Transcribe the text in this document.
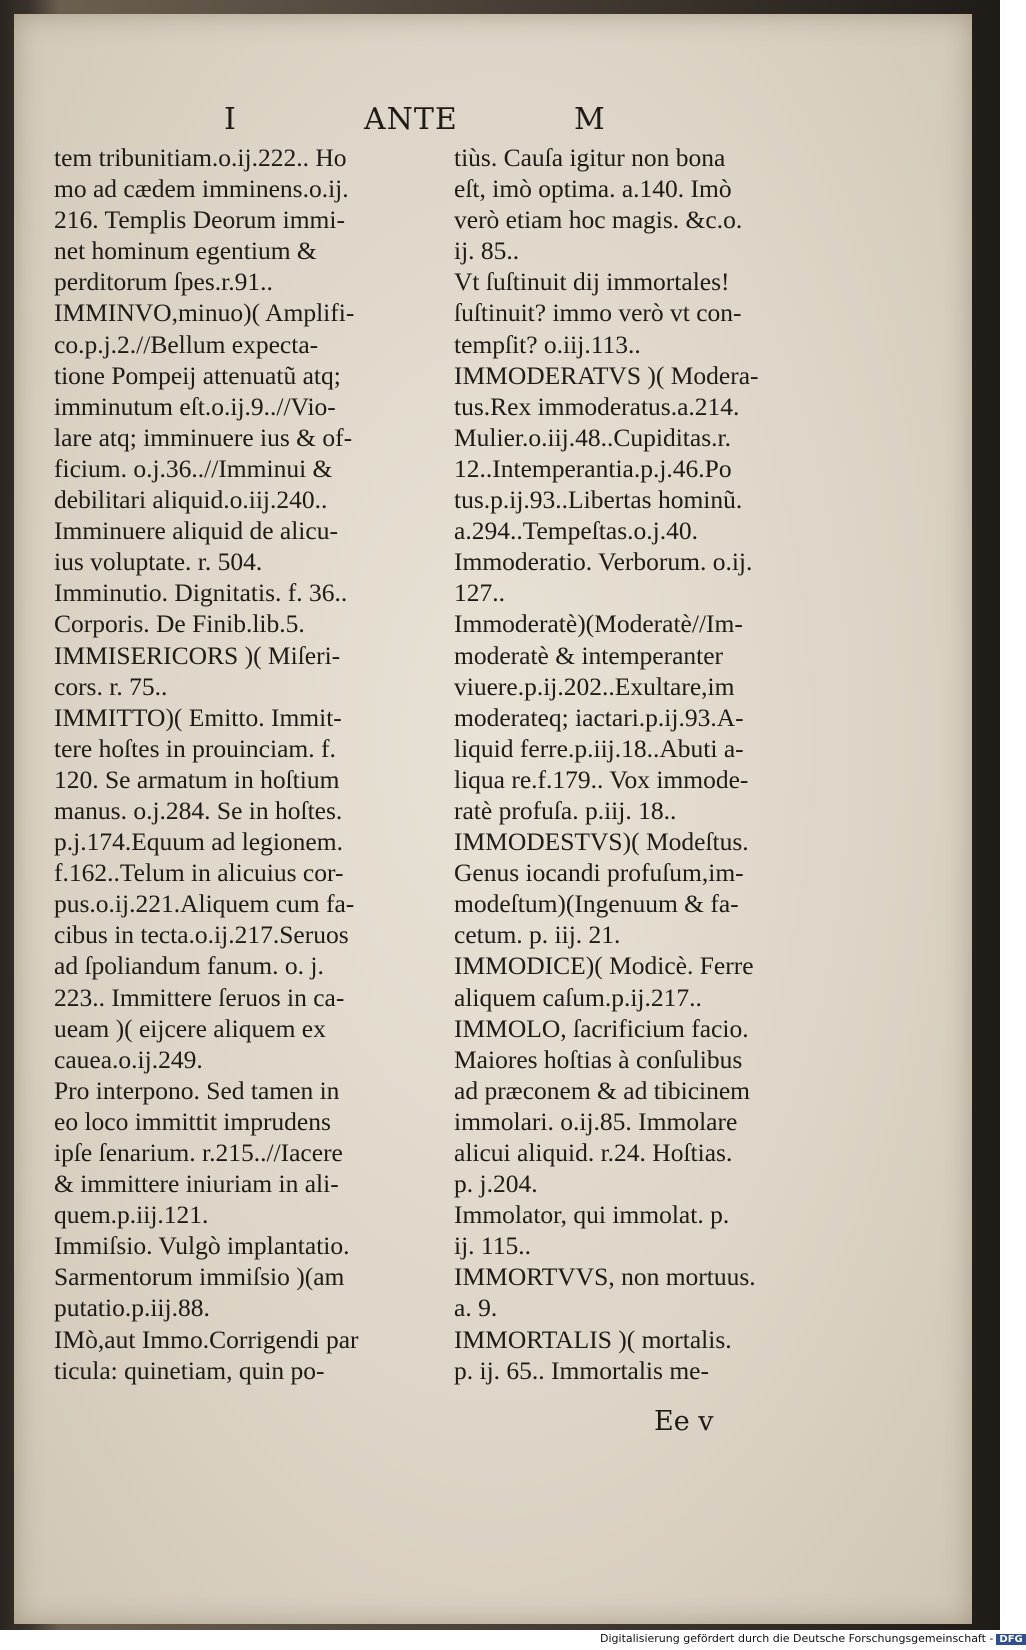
I	ANTE	M
tem tribunitiam.o.ij.222.. Ho
mo ad cædem imminens.o.ij.
216. Templis Deorum immi-
net hominum egentium &
perditorum ſpes.r.91..
IMMINVO,minuo)( Amplifi-
co.p.j.2.//Bellum expecta-
tione Pompeij attenuatũ atq;
imminutum eſt.o.ij.9..//Vio-
lare atq; imminuere ius & of-
ficium. o.j.36..//Imminui &
debilitari aliquid.o.iij.240..
Imminuere aliquid de alicu-
ius voluptate. r. 504.
Imminutio. Dignitatis. f. 36..
Corporis. De Finib.lib.5.
IMMISERICORS )( Miſeri-
cors. r. 75..
IMMITTO)( Emitto. Immit-
tere hoſtes in prouinciam. f.
120. Se armatum in hoſtium
manus. o.j.284. Se in hoſtes.
p.j.174.Equum ad legionem.
f.162..Telum in alicuius cor-
pus.o.ij.221.Aliquem cum fa-
cibus in tecta.o.ij.217.Seruos
ad ſpoliandum fanum. o. j.
223.. Immittere ſeruos in ca-
ueam )( eijcere aliquem ex
cauea.o.ij.249.
Pro interpono. Sed tamen in
eo loco immittit imprudens
ipſe ſenarium. r.215..//Iacere
& immittere iniuriam in ali-
quem.p.iij.121.
Immiſsio. Vulgò implantatio.
Sarmentorum immiſsio )(am
putatio.p.iij.88.
IMò,aut Immo.Corrigendi par
ticula: quinetiam, quin po-
tiùs. Cauſa igitur non bona
eſt, imò optima. a.140. Imò
verò etiam hoc magis. &c.o.
ij. 85..
Vt ſuſtinuit dij immortales!
ſuſtinuit? immo verò vt con-
tempſit? o.iij.113..
IMMODERATVS )( Modera-
tus.Rex immoderatus.a.214.
Mulier.o.iij.48..Cupiditas.r.
12..Intemperantia.p.j.46.Po
tus.p.ij.93..Libertas hominũ.
a.294..Tempeſtas.o.j.40.
Immoderatio. Verborum. o.ij.
127..
Immoderatè)(Moderatè//Im-
moderatè & intemperanter
viuere.p.ij.202..Exultare,im
moderateq; iactari.p.ij.93.A-
liquid ferre.p.iij.18..Abuti a-
liqua re.f.179.. Vox immode-
ratè profuſa. p.iij. 18..
IMMODESTVS)( Modeſtus.
Genus iocandi profuſum,im-
modeſtum)(Ingenuum & fa-
cetum. p. iij. 21.
IMMODICE)( Modicè. Ferre
aliquem caſum.p.ij.217..
IMMOLO, ſacrificium facio.
Maiores hoſtias à conſulibus
ad præconem & ad tibicinem
immolari. o.ij.85. Immolare
alicui aliquid. r.24. Hoſtias.
p. j.204.
Immolator, qui immolat. p.
ij. 115..
IMMORTVVS, non mortuus.
a. 9.
IMMORTALIS )( mortalis.
p. ij. 65.. Immortalis me-
Ee v
Digitalisierung gefördert durch die Deutsche Forschungsgemeinschaft - DFG
